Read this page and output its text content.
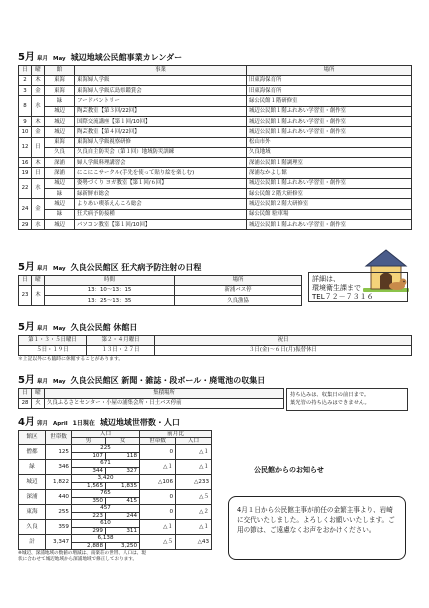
5月 皐月 May 城辺地域公民館事業カレンダー
日	曜	館	事業	場所
2	木	東海	東海婦人学級	旧東海保育所
3	金	東海	東海婦人学級広島県鑑賞会	旧東海保育所
8	水	緑	フードパントリー	緑公民館１階研修室
		城辺	陶芸教室【第３回/22回】	城辺公民館１階ふれあい学習室・創作室
9	木	城辺	国際交流講座【第１回/10回】	城辺公民館１階ふれあい学習室・創作室
10	金	城辺	陶芸教室【第４回/22回】	城辺公民館１階ふれあい学習室・創作室
12	日	東海	東海婦人学級視察研修	松山市外
		久良	久良自主防災会（第１回）地域防災訓練	久良地域
16	木	深浦	婦人学級料理講習会	深浦公民館１階調理室
19	日	深浦	にこにこサークル(手先を使って貼り絵を楽しむ)	深浦なかよし館
22	水	城辺	姿勢づくり ヨガ教室【第１回/６回】	城辺公民館１階ふれあい学習室・創作室
		緑	緑新鮮市総会	緑公民館２階大研修室
24	金	城辺	よりあい喫茶えんころ総会	城辺公民館２階大研修室
		緑	狂犬病予防接種	緑公民館 駐車場
29	水	城辺	パソコン教室【第１回/10回】	城辺公民館１階ふれあい学習室・創作室
5月 皐月 May 久良公民館区 狂犬病予防注射の日程
日	曜	時間	場所
23	木	13：10～13：15	新浦バス停
		13：25～13：35	久良漁協
詳細は、
環境衛生課まで
TEL７２－７３１６
5月 皐月 May 久良公民館 休館日
第１・３・５日曜日	第２・４月曜日	祝日
５日・１９日	１３日・２７日	３日(金)～６日(月)振替休日
＊上記以外にも臨時に休館することがあります。
5月 皐月 May 久良公民館区 新聞・雑誌・段ボール・廃電池の収集日
日	曜	集積場所
28	火	久良ふるさとセンター・小屋の浦集会所・日土バス停前
持ち込みは、収集日の前日まで。
葉光管の持ち込みはできません。
4月 卯月 April 1日現在 城辺地域世帯数・人口
館区	世帯数	人口		前月比	
		男	女	世帯数	人口
僧都	125	225		0	△１
		107	118		
緑	346	671		△１	△１
		344	327		
城辺	1,822	3,420		△106	△233
		1,565	1,835		
深浦	440	765		0	△５
		350	415		
東海	255	457		0	△２
		223	244		
久良	359	610		△１	△１
		299	311		
計	3,347	6,138		△５	△43
		2,888	3,250		
※城辺、深浦地域の数値の増減は、南楽荘の世帯、人口は、現
状に合わせて城辺地域から深浦地域で修正しております。
公民館からのお知らせ

4月１日から公民館主事が前任の金繁主事より、岩崎に交代いたしました。よろしくお願いいたします。ご用の節は、ご遠慮なくお声をおかけください。
